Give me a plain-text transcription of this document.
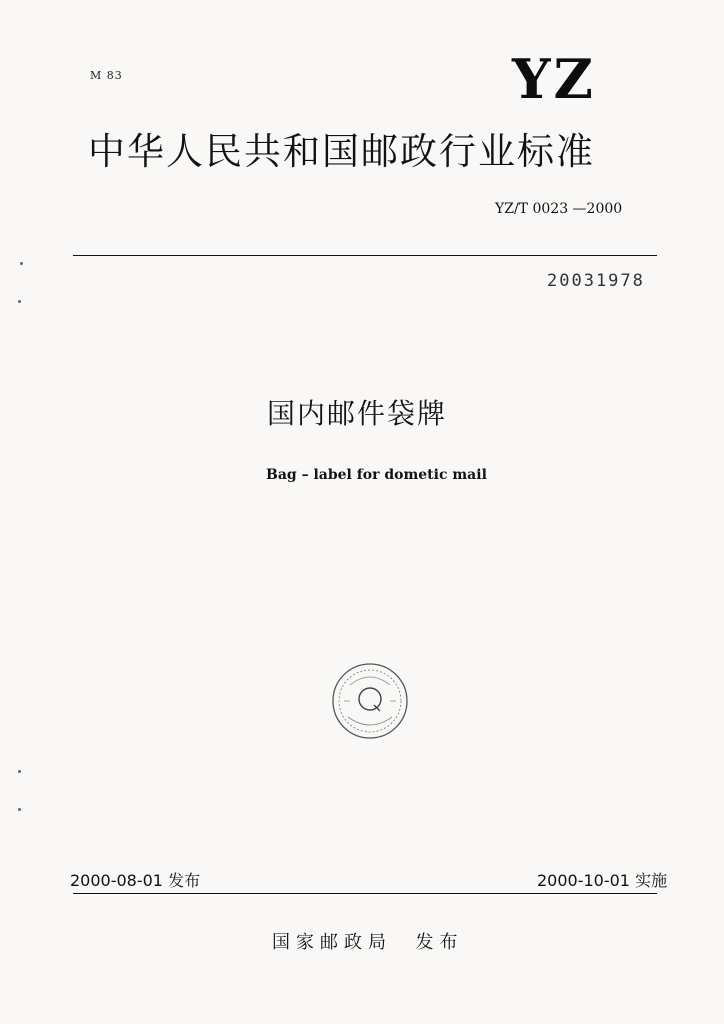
M 83	YZ
中华人民共和国邮政行业标准
YZ/T 0023 —2000
20031978
国内邮件袋牌
Bag – label for dometic mail
2000-08-01 发布	2000-10-01 实施
国家邮政局  发布
